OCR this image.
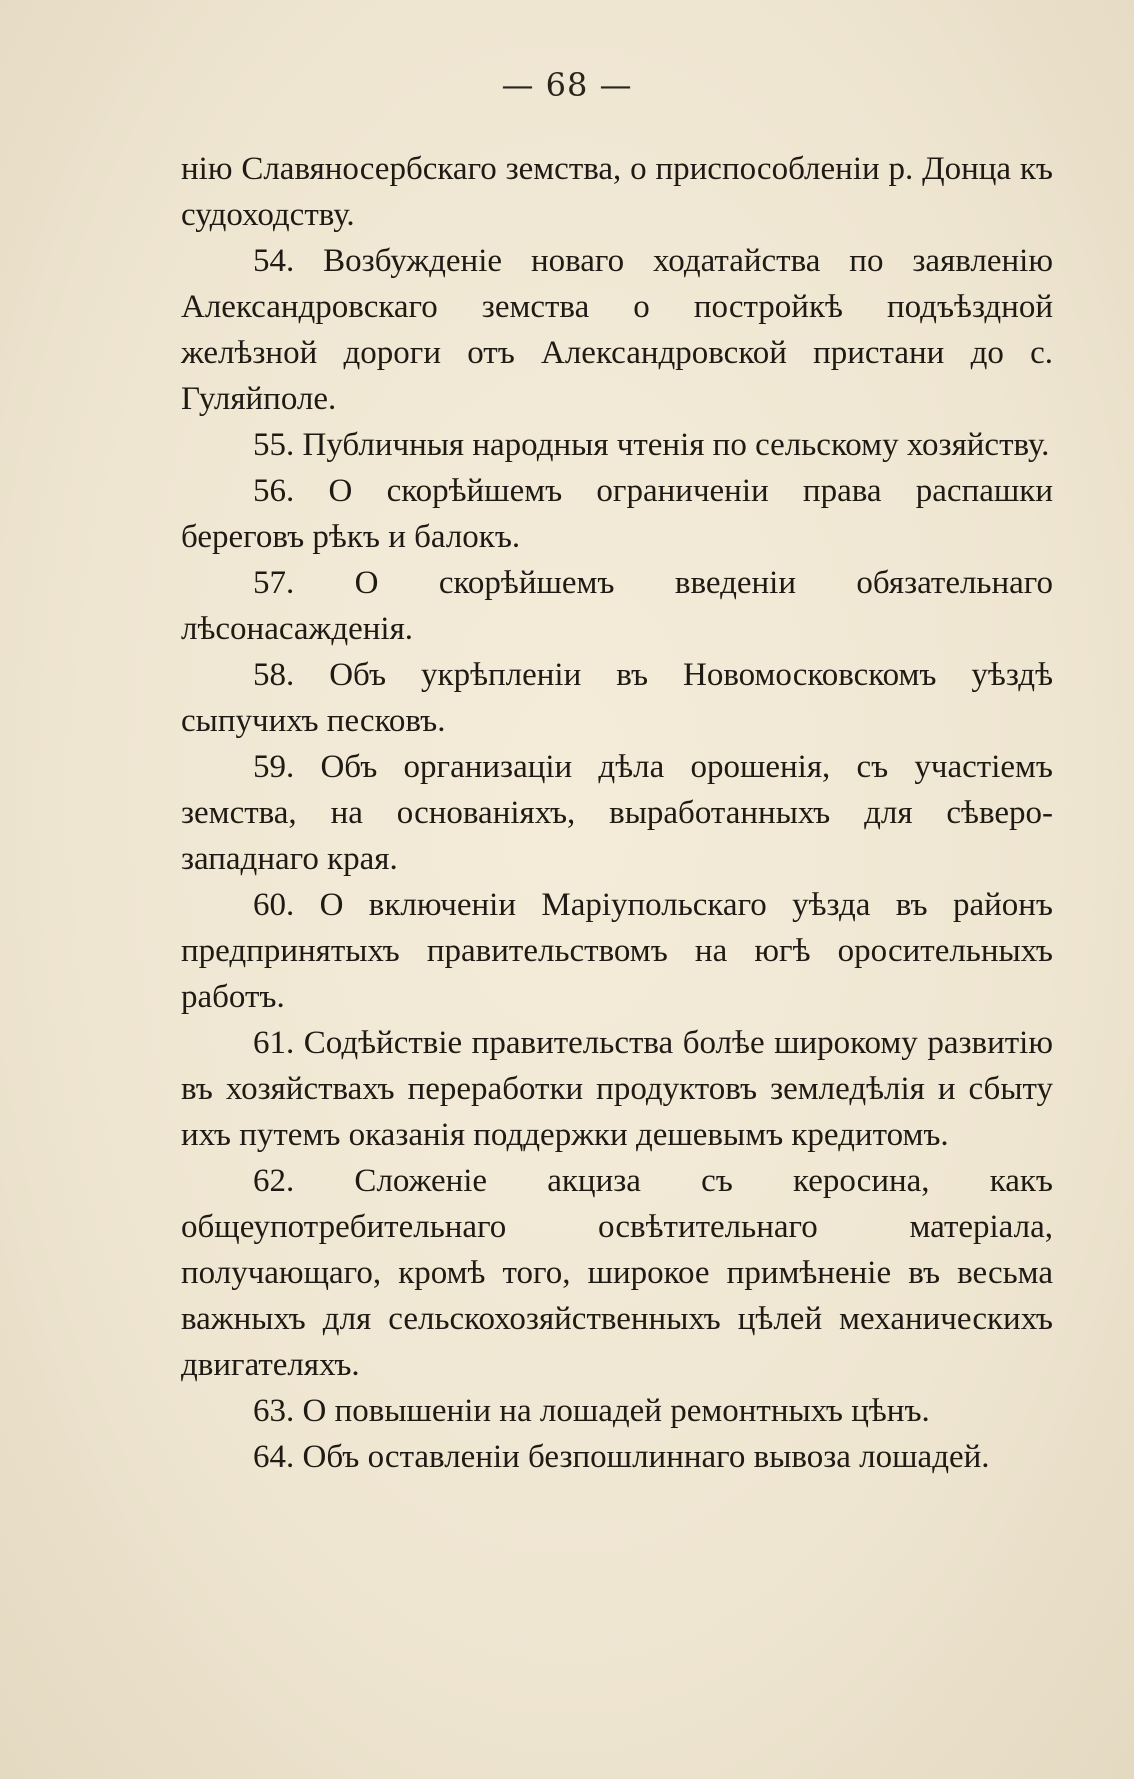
— 68 —

нію Славяносербскаго земства, о приспособленіи р. Донца къ судоходству.

54. Возбужденіе новаго ходатайства по заявленію Александровскаго земства о постройкѣ подъѣздной желѣзной дороги отъ Александровской пристани до с. Гуляйполе.

55. Публичныя народныя чтенія по сельскому хозяйству.

56. О скорѣйшемъ ограниченіи права распашки береговъ рѣкъ и балокъ.

57. О скорѣйшемъ введеніи обязательнаго лѣсонасажденія.

58. Объ укрѣпленіи въ Новомосковскомъ уѣздѣ сыпучихъ песковъ.

59. Объ организаціи дѣла орошенія, съ участіемъ земства, на основаніяхъ, выработанныхъ для сѣверо-западнаго края.

60. О включеніи Маріупольскаго уѣзда въ районъ предпринятыхъ правительствомъ на югѣ оросительныхъ работъ.

61. Содѣйствіе правительства болѣе широкому развитію въ хозяйствахъ переработки продуктовъ земледѣлія и сбыту ихъ путемъ оказанія поддержки дешевымъ кредитомъ.

62. Сложеніе акциза съ керосина, какъ общеупотребительнаго освѣтительнаго матеріала, получающаго, кромѣ того, широкое примѣненіе въ весьма важныхъ для сельскохозяйственныхъ цѣлей механическихъ двигателяхъ.

63. О повышеніи на лошадей ремонтныхъ цѣнъ.

64. Объ оставленіи безпошлиннаго вывоза лошадей.
